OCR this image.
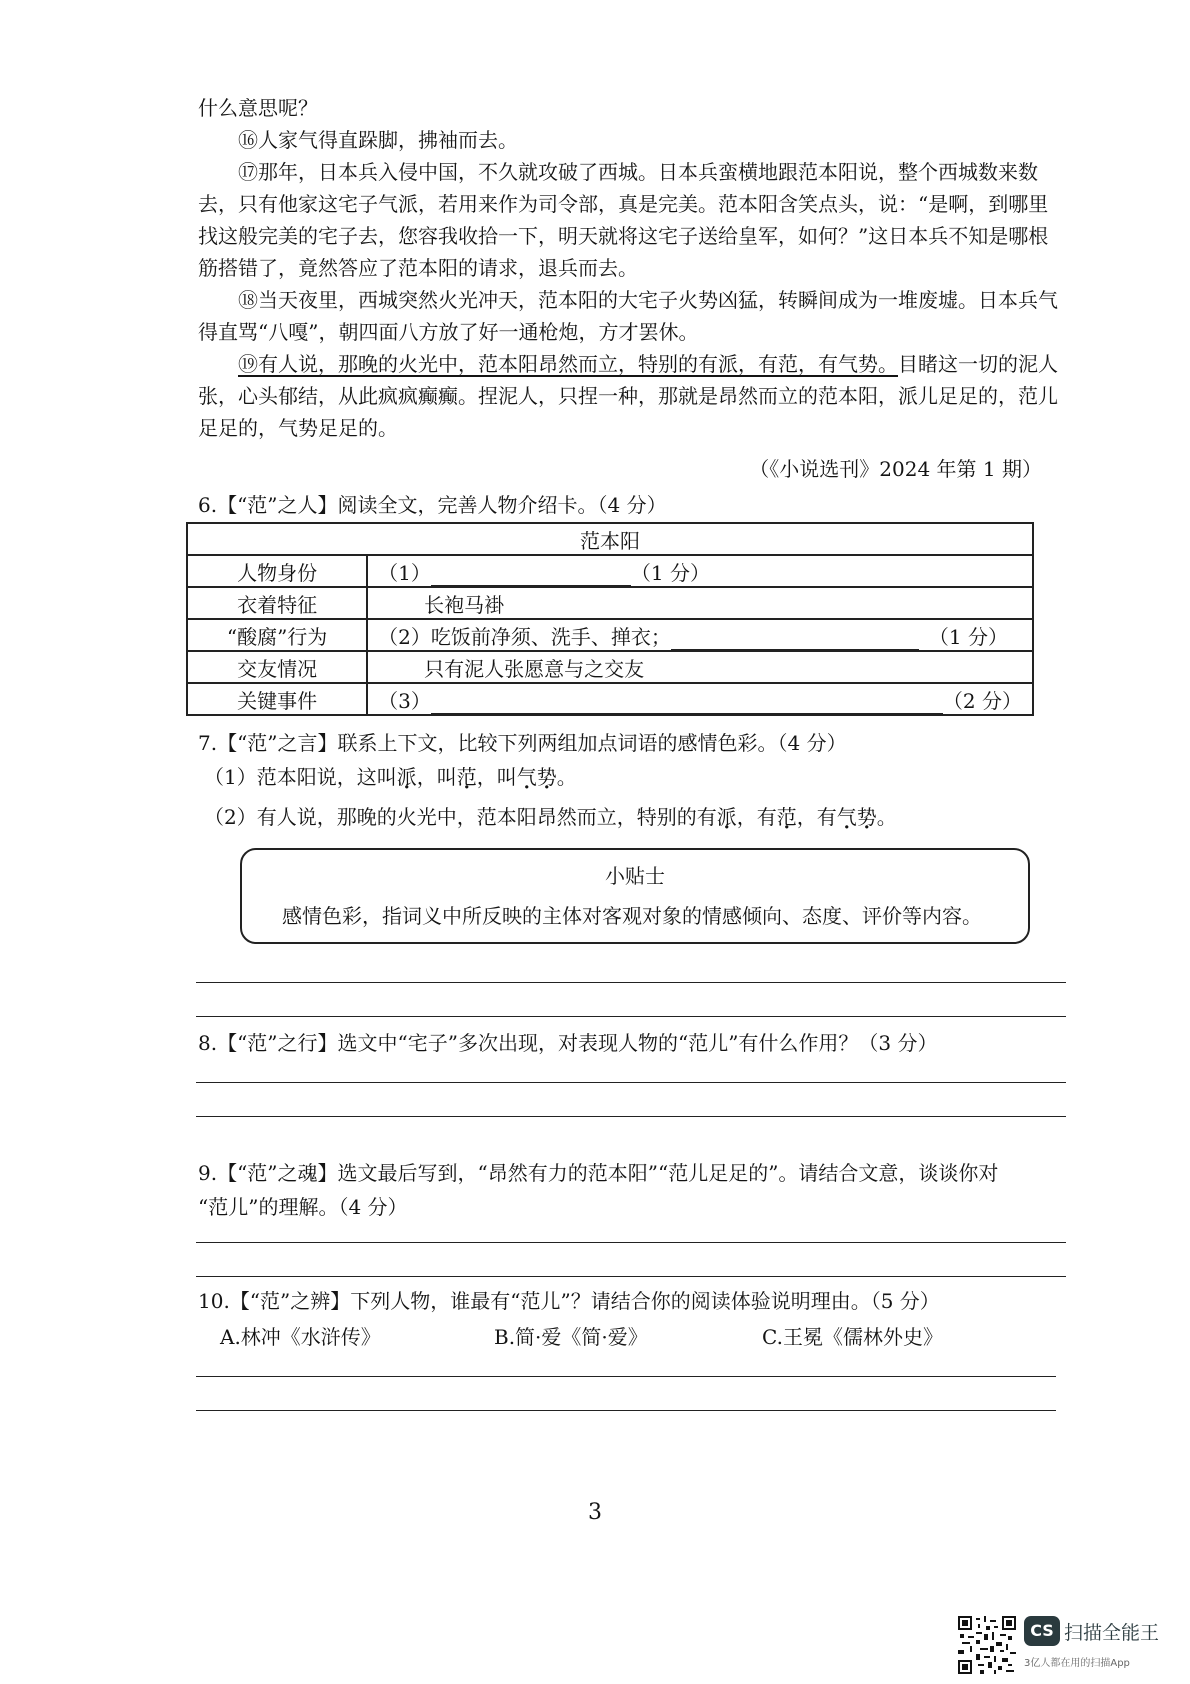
什么意思呢？

⑯人家气得直跺脚，拂袖而去。

⑰那年，日本兵入侵中国，不久就攻破了西城。日本兵蛮横地跟范本阳说，整个西城数来数去，只有他家这宅子气派，若用来作为司令部，真是完美。范本阳含笑点头，说：“是啊，到哪里找这般完美的宅子去，您容我收拾一下，明天就将这宅子送给皇军，如何？”这日本兵不知是哪根筋搭错了，竟然答应了范本阳的请求，退兵而去。

⑱当天夜里，西城突然火光冲天，范本阳的大宅子火势凶猛，转瞬间成为一堆废墟。日本兵气得直骂“八嘎”，朝四面八方放了好一通枪炮，方才罢休。

⑲有人说，那晚的火光中，范本阳昂然而立，特别的有派，有范，有气势。目睹这一切的泥人张，心头郁结，从此疯疯癫癫。捏泥人，只捏一种，那就是昂然而立的范本阳，派儿足足的，范儿足足的，气势足足的。

（《小说选刊》2024 年第 1 期）
6.【“范”之人】阅读全文，完善人物介绍卡。（4 分）
范本阳	
人物身份	（1） （1 分）
衣着特征	长袍马褂
“酸腐”行为	（2）吃饭前净须、洗手、掸衣； （1 分）
交友情况	只有泥人张愿意与之交友
关键事件	（3） （2 分）
7.【“范”之言】联系上下文，比较下列两组加点词语的感情色彩。（4 分）
（1）范本阳说，这叫派，叫范，叫气势。
（2）有人说，那晚的火光中，范本阳昂然而立，特别的有派，有范，有气势。
小贴士
感情色彩，指词义中所反映的主体对客观对象的情感倾向、态度、评价等内容。
8.【“范”之行】选文中“宅子”多次出现，对表现人物的“范儿”有什么作用？（3 分）
9.【“范”之魂】选文最后写到，“昂然有力的范本阳”“范儿足足的”。请结合文意，谈谈你对
“范儿”的理解。（4 分）
10.【“范”之辨】下列人物，谁最有“范儿”？请结合你的阅读体验说明理由。（5 分）
A.林冲《水浒传》	B.简·爱《简·爱》	C.王冕《儒林外史》
3
CS 扫描全能王
3亿人都在用的扫描App
